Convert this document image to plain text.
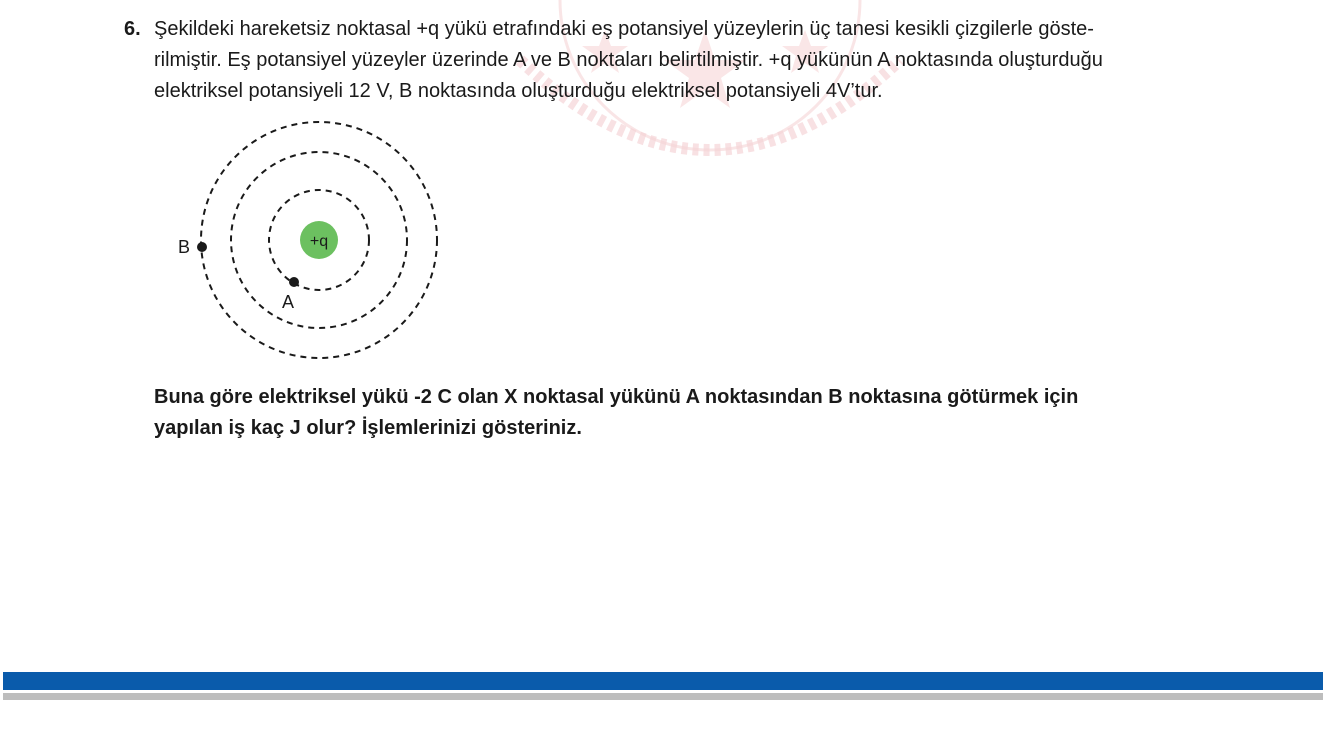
6. Şekildeki hareketsiz noktasal +q yükü etrafındaki eş potansiyel yüzeylerin üç tanesi kesikli çizgilerle göste-
rilmiştir. Eş potansiyel yüzeyler üzerinde A ve B noktaları belirtilmiştir. +q yükünün A noktasında oluşturduğu
elektriksel potansiyeli 12 V, B noktasında oluşturduğu elektriksel potansiyeli 4V’tur.
+q
B
A
Buna göre elektriksel yükü -2 C olan X noktasal yükünü A noktasından B noktasına götürmek için
yapılan iş kaç J olur? İşlemlerinizi gösteriniz.
